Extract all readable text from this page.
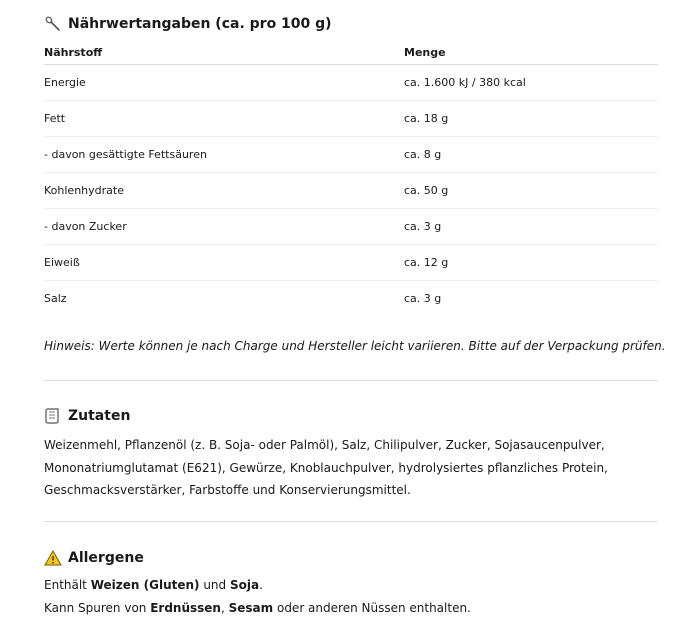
Nährwertangaben (ca. pro 100 g)
Nährstoff	Menge
Energie	ca. 1.600 kJ / 380 kcal
Fett	ca. 18 g
- davon gesättigte Fettsäuren	ca. 8 g
Kohlenhydrate	ca. 50 g
- davon Zucker	ca. 3 g
Eiweiß	ca. 12 g
Salz	ca. 3 g

Hinweis: Werte können je nach Charge und Hersteller leicht variieren. Bitte auf der Verpackung prüfen.

Zutaten

Weizenmehl, Pflanzenöl (z. B. Soja- oder Palmöl), Salz, Chilipulver, Zucker, Sojasaucenpulver, Mononatriumglutamat (E621), Gewürze, Knoblauchpulver, hydrolysiertes pflanzliches Protein, Geschmacksverstärker, Farbstoffe und Konservierungsmittel.

Allergene
Enthält Weizen (Gluten) und Soja.
Kann Spuren von Erdnüssen, Sesam oder anderen Nüssen enthalten.
